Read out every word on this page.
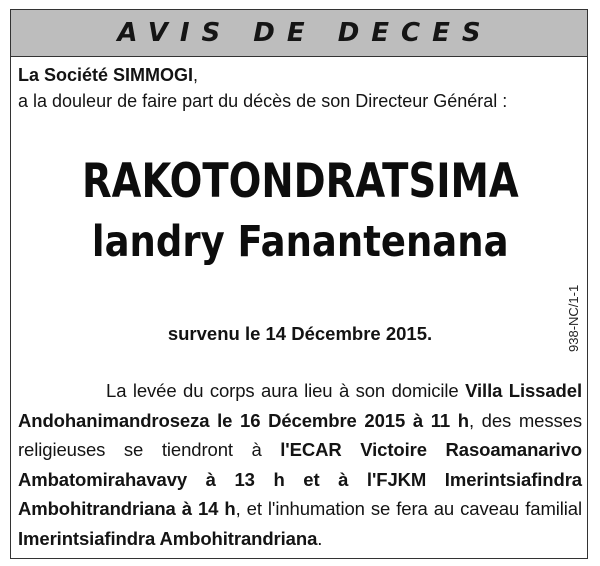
AVIS DE DECES
La Société SIMMOGI,
a la douleur de faire part du décès de son Directeur Général :
RAKOTONDRATSIMA
landry Fanantenana
survenu le 14 Décembre 2015.
La levée du corps aura lieu à son domicile Villa Lissadel Andohanimandroseza le 16 Décembre 2015 à 11 h, des messes religieuses se tiendront à l'ECAR Victoire Rasoamanarivo Ambatomirahavavy à 13 h et à l'FJKM Imerintsiafindra Ambohitrandriana à 14 h, et l'inhumation se fera au caveau familial Imerintsiafindra Ambohitrandriana.
938-NC/1-1
